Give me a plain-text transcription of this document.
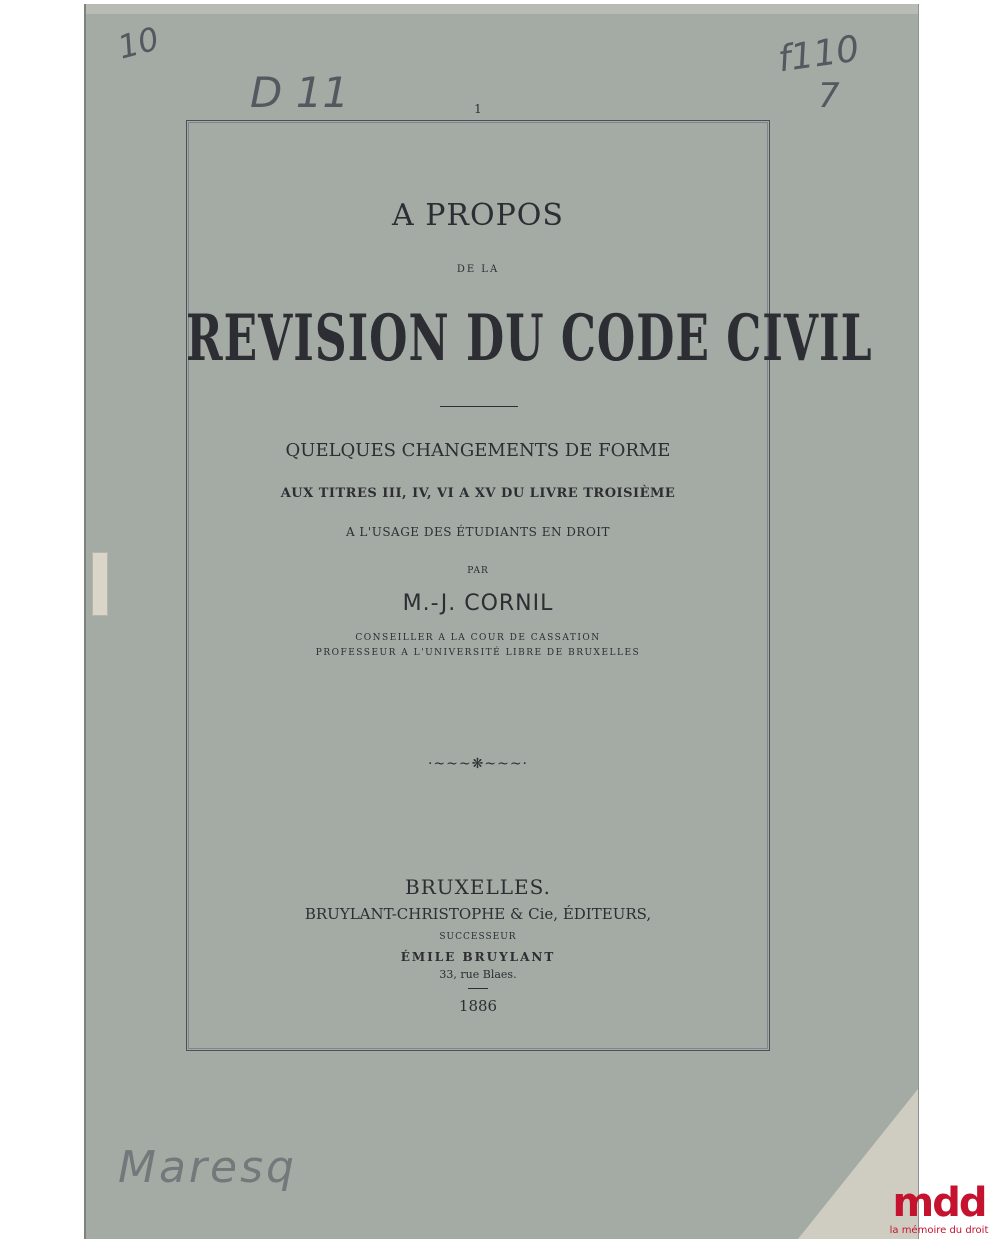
10
D 11
f110
7
Maresq
1
A PROPOS
DE LA
REVISION DU CODE CIVIL
QUELQUES CHANGEMENTS DE FORME
AUX TITRES III, IV, VI A XV DU LIVRE TROISIÈME
A L'USAGE DES ÉTUDIANTS EN DROIT
PAR
M.-J. CORNIL
CONSEILLER A LA COUR DE CASSATION
PROFESSEUR A L'UNIVERSITÉ LIBRE DE BRUXELLES
·~~~❋~~~·
BRUXELLES.
BRUYLANT-CHRISTOPHE & Cie, ÉDITEURS,
SUCCESSEUR
ÉMILE BRUYLANT
33, rue Blaes.
1886
mdd
la mémoire du droit
